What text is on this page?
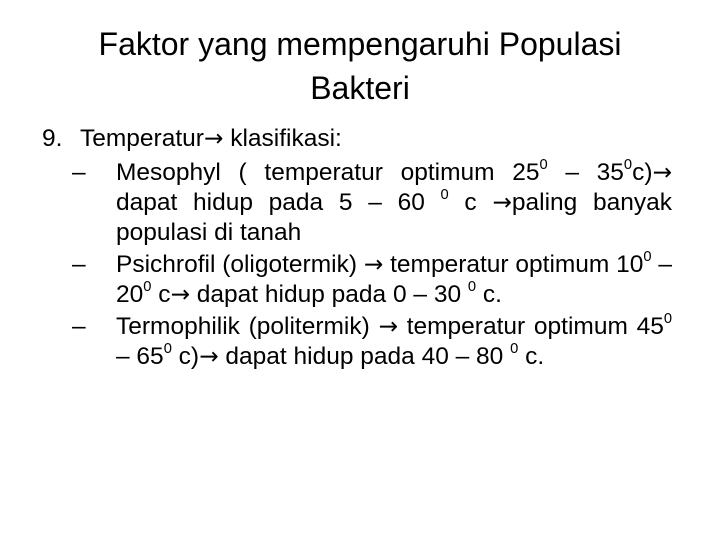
Faktor yang mempengaruhi Populasi
Bakteri
9. Temperatur→ klasifikasi:
– Mesophyl ( temperatur optimum $25^0 - 35^0c)\to$ dapat hidup pada 5 – 60 $^0$ c →paling banyak populasi di tanah
– Psichrofil (oligotermik) → temperatur optimum $10^0 - 20^0$ c→ dapat hidup pada 0 – 30 $^0$ c.
– Termophilik (politermik) → temperatur optimum $45^0 - 65^0$ c)→ dapat hidup pada 40 – 80 $^0$ c.
